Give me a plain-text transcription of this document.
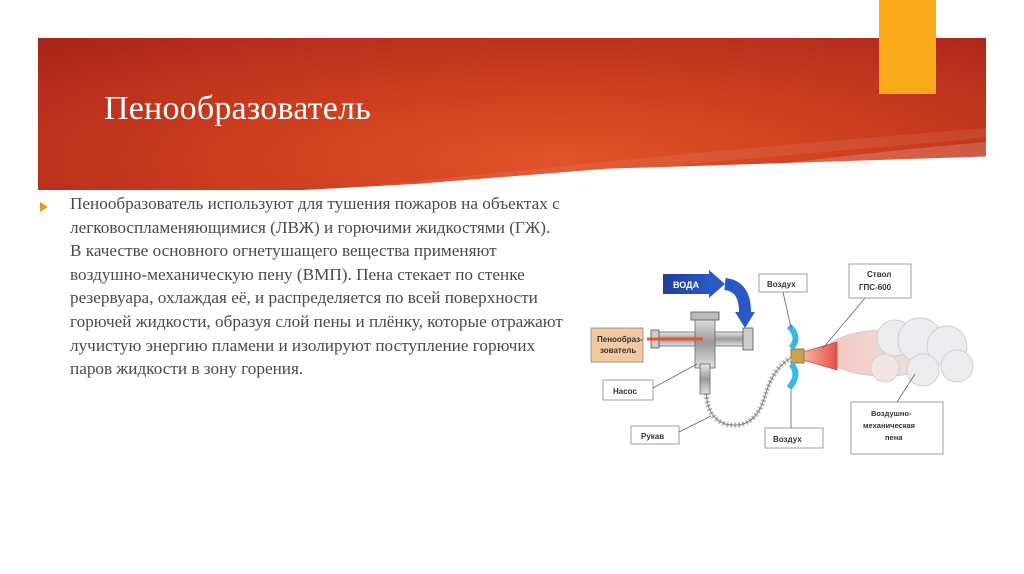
Пенообразователь
Пенообразователь используют для тушения пожаров на объектах с легковоспламеняющимися (ЛВЖ) и горючими жидкостями (ГЖ). В качестве основного огнетушащего вещества применяют воздушно-механическую пену (ВМП). Пена стекает по стенке резервуара, охлаждая её, и распределяется по всей поверхности горючей жидкости, образуя слой пены и плёнку, которые отражают лучистую энергию пламени и изолируют поступление горючих паров жидкости в зону горения.
ВОДА
Пенообраз-
зователь
Насос
Рукав
Воздух
Воздух
Ствол
ГПС-600
Воздушно-
механическая
пена
